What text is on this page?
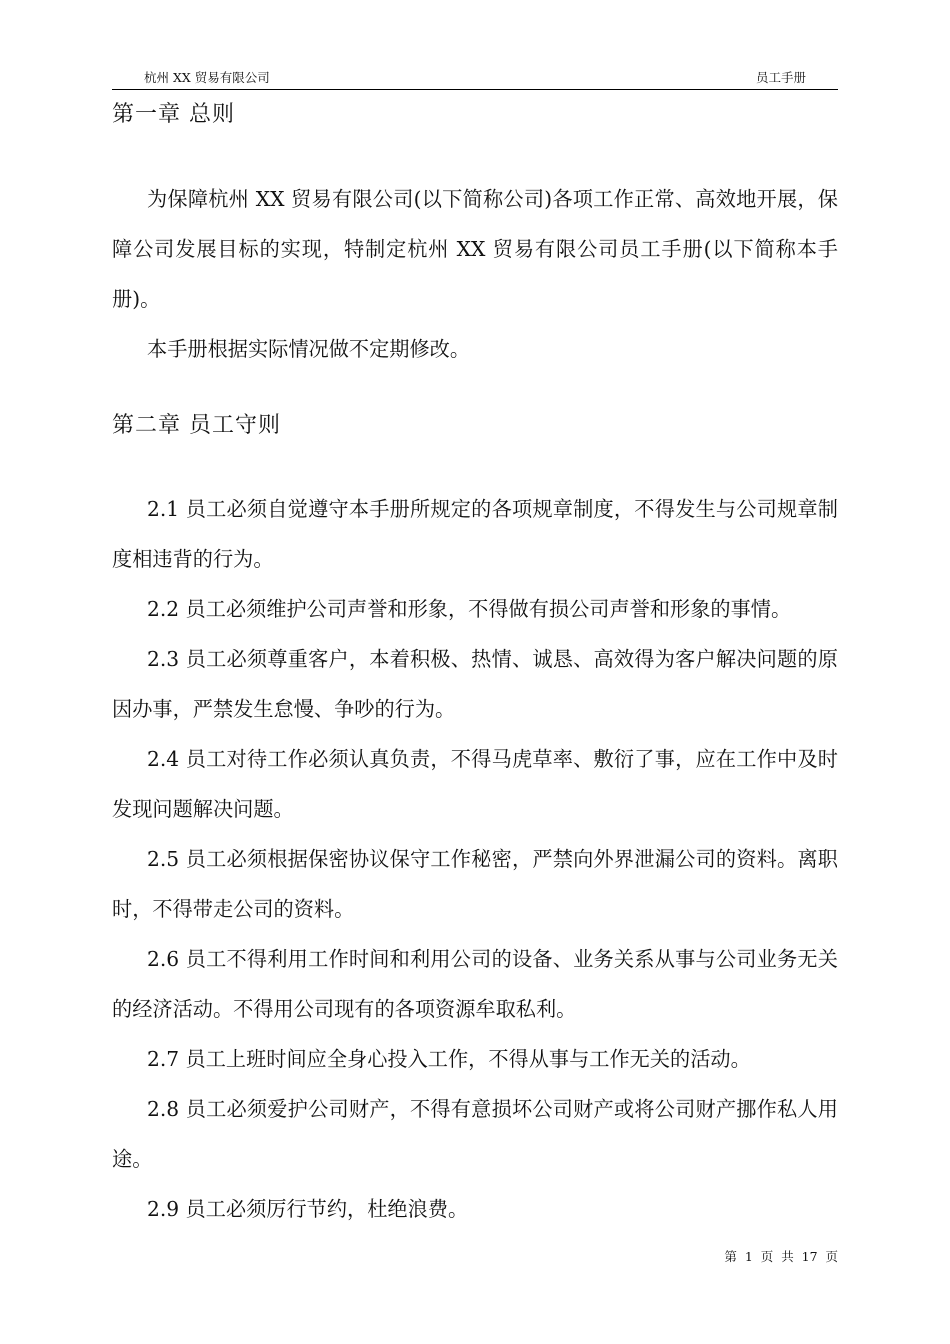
杭州 XX 贸易有限公司	员工手册
第一章 总则

为保障杭州 XX 贸易有限公司(以下简称公司)各项工作正常、高效地开展，保障公司发展目标的实现，特制定杭州 XX 贸易有限公司员工手册(以下简称本手册)。

本手册根据实际情况做不定期修改。

第二章 员工守则

2.1 员工必须自觉遵守本手册所规定的各项规章制度，不得发生与公司规章制度相违背的行为。

2.2 员工必须维护公司声誉和形象，不得做有损公司声誉和形象的事情。

2.3 员工必须尊重客户，本着积极、热情、诚恳、高效得为客户解决问题的原因办事，严禁发生怠慢、争吵的行为。

2.4 员工对待工作必须认真负责，不得马虎草率、敷衍了事，应在工作中及时发现问题解决问题。

2.5 员工必须根据保密协议保守工作秘密，严禁向外界泄漏公司的资料。离职时，不得带走公司的资料。

2.6 员工不得利用工作时间和利用公司的设备、业务关系从事与公司业务无关的经济活动。不得用公司现有的各项资源牟取私利。

2.7 员工上班时间应全身心投入工作，不得从事与工作无关的活动。

2.8 员工必须爱护公司财产，不得有意损坏公司财产或将公司财产挪作私人用途。

2.9 员工必须厉行节约，杜绝浪费。

第  1  页  共  17  页
